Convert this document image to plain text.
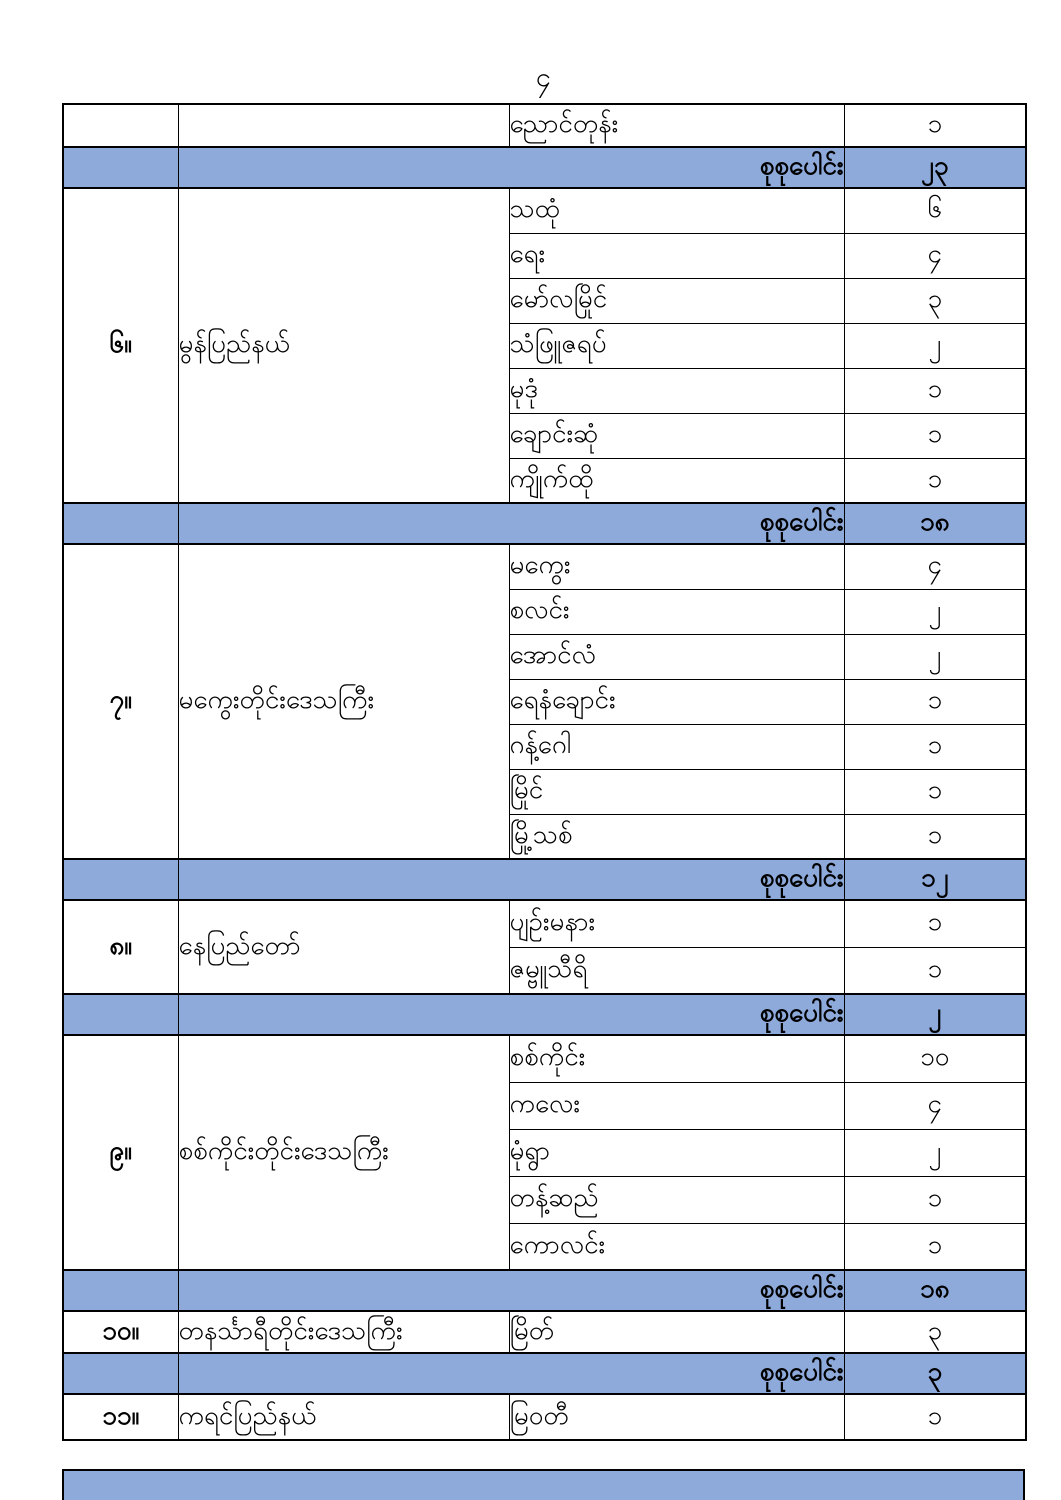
၄
		ညောင်တုန်း	၁
	စုစုပေါင်း		၂၃
၆။	မွန်ပြည်နယ်	သထုံ	၆
		ရေး	၄
		မော်လမြိုင်	၃
		သံဖြူဇရပ်	၂
		မုဒုံ	၁
		ချောင်းဆုံ	၁
		ကျိုက်ထို	၁
	စုစုပေါင်း		၁၈
၇။	မကွေးတိုင်းဒေသကြီး	မကွေး	၄
		စလင်း	၂
		အောင်လံ	၂
		ရေနံချောင်း	၁
		ဂန့်ဂေါ	၁
		မြိုင်	၁
		မြို့သစ်	၁
	စုစုပေါင်း		၁၂
၈။	နေပြည်တော်	ပျဉ်းမနား	၁
		ဇမ္ဗူသီရိ	၁
	စုစုပေါင်း		၂
၉။	စစ်ကိုင်းတိုင်းဒေသကြီး	စစ်ကိုင်း	၁၀
		ကလေး	၄
		မုံရွာ	၂
		တန့်ဆည်	၁
		ကောလင်း	၁
	စုစုပေါင်း		၁၈
၁၀။	တနင်္သာရီတိုင်းဒေသကြီး	မြိတ်	၃
	စုစုပေါင်း		၃
၁၁။	ကရင်ပြည်နယ်	မြဝတီ	၁
